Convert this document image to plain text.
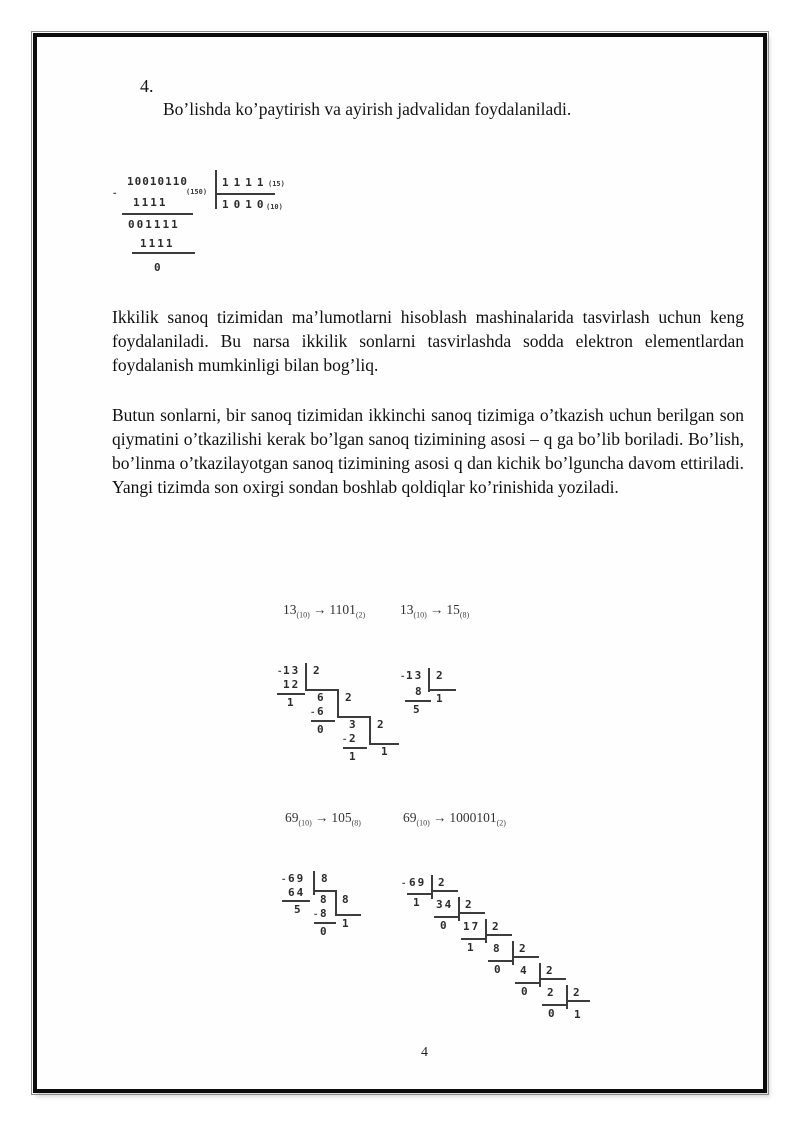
4.
Bo’lishda ko’paytirish va ayirish jadvalidan foydalaniladi.
-
10010110
(150)
1111 (15)
1010
(10)
1111
001111
1111
0
Ikkilik sanoq tizimidan ma’lumotlarni hisoblash mashinalarida tasvirlash uchun keng foydalaniladi. Bu narsa ikkilik sonlarni tasvirlashda sodda elektron elementlardan foydalanish mumkinligi bilan bog’liq.
Butun sonlarni, bir sanoq tizimidan ikkinchi sanoq tizimiga o’tkazish uchun berilgan son qiymatini o’tkazilishi kerak bo’lgan sanoq tizimining asosi – q ga bo’lib boriladi. Bo’lish, bo’linma o’tkazilayotgan sanoq tizimining asosi q dan kichik bo’lguncha davom ettiriladi. Yangi tizimda son oxirgi sondan boshlab qoldiqlar ko’rinishida yoziladi.
$13_{(10)} \to 1101_{(2)}$	$13_{(10)} \to 15_{(8)}$
- 13 2
12
1 6 2
- 6
0 3 2
- 2
1 1
- 13 2
8
5
1
$69_{(10)} \to 105_{(8)}$	$69_{(10)} \to 1000101_{(2)}$
- 69 8
64
5
8 8
- 8
0
1
- 69 2
1 34 2
0 17 2
1 8 2
0 4 2
0 2 2
0 1
4
